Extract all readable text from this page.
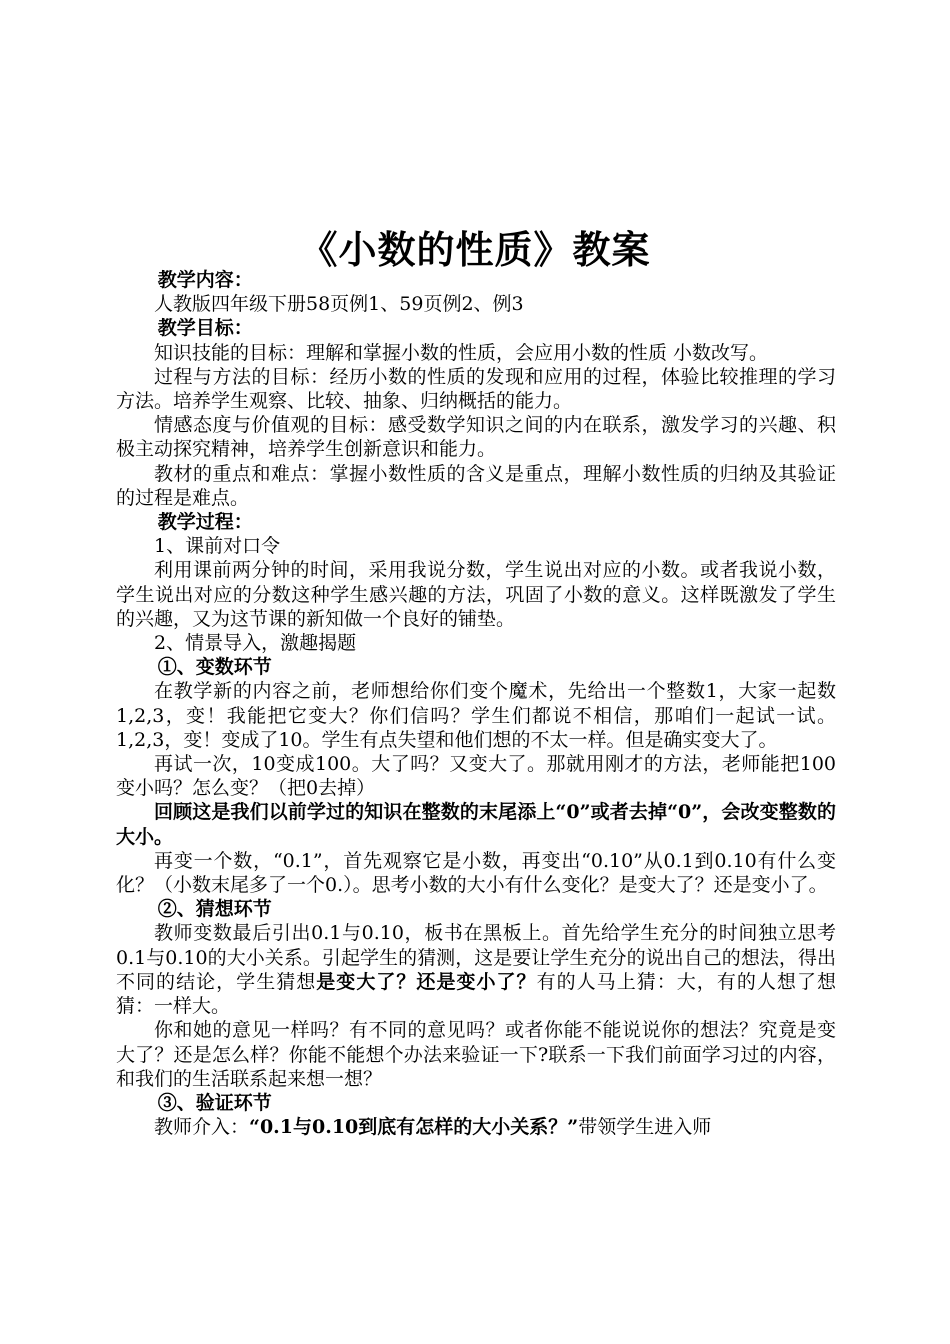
《小数的性质》教案

教学内容：

人教版四年级下册58页例1、59页例2、例3

教学目标：

知识技能的目标：理解和掌握小数的性质，会应用小数的性质 小数改写。

过程与方法的目标：经历小数的性质的发现和应用的过程，体验比较推理的学习方法。培养学生观察、比较、抽象、归纳概括的能力。

情感态度与价值观的目标：感受数学知识之间的内在联系，激发学习的兴趣、积极主动探究精神，培养学生创新意识和能力。

教材的重点和难点：掌握小数性质的含义是重点，理解小数性质的归纳及其验证的过程是难点。

教学过程：

1、课前对口令

利用课前两分钟的时间，采用我说分数，学生说出对应的小数。或者我说小数，学生说出对应的分数这种学生感兴趣的方法，巩固了小数的意义。这样既激发了学生的兴趣，又为这节课的新知做一个良好的铺垫。

2、情景导入，激趣揭题

①、变数环节

在教学新的内容之前，老师想给你们变个魔术，先给出一个整数1，大家一起数1,2,3，变！我能把它变大？你们信吗？学生们都说不相信，那咱们一起试一试。1,2,3，变！变成了10。学生有点失望和他们想的不太一样。但是确实变大了。

再试一次，10变成100。大了吗？又变大了。那就用刚才的方法，老师能把100变小吗？怎么变？（把0去掉）

回顾这是我们以前学过的知识在整数的末尾添上“0”或者去掉“0”，会改变整数的大小。

再变一个数，“0.1”，首先观察它是小数，再变出“0.10”从0.1到0.10有什么变化？（小数末尾多了一个0.）。思考小数的大小有什么变化？是变大了？还是变小了。

②、猜想环节

教师变数最后引出0.1与0.10，板书在黑板上。首先给学生充分的时间独立思考0.1与0.10的大小关系。引起学生的猜测，这是要让学生充分的说出自己的想法，得出不同的结论，学生猜想是变大了？还是变小了？有的人马上猜：大，有的人想了想猜：一样大。

你和她的意见一样吗？有不同的意见吗？或者你能不能说说你的想法？究竟是变大了？还是怎么样？你能不能想个办法来验证一下?联系一下我们前面学习过的内容，和我们的生活联系起来想一想？

③、验证环节

教师介入：“0.1与0.10到底有怎样的大小关系？”带领学生进入师
